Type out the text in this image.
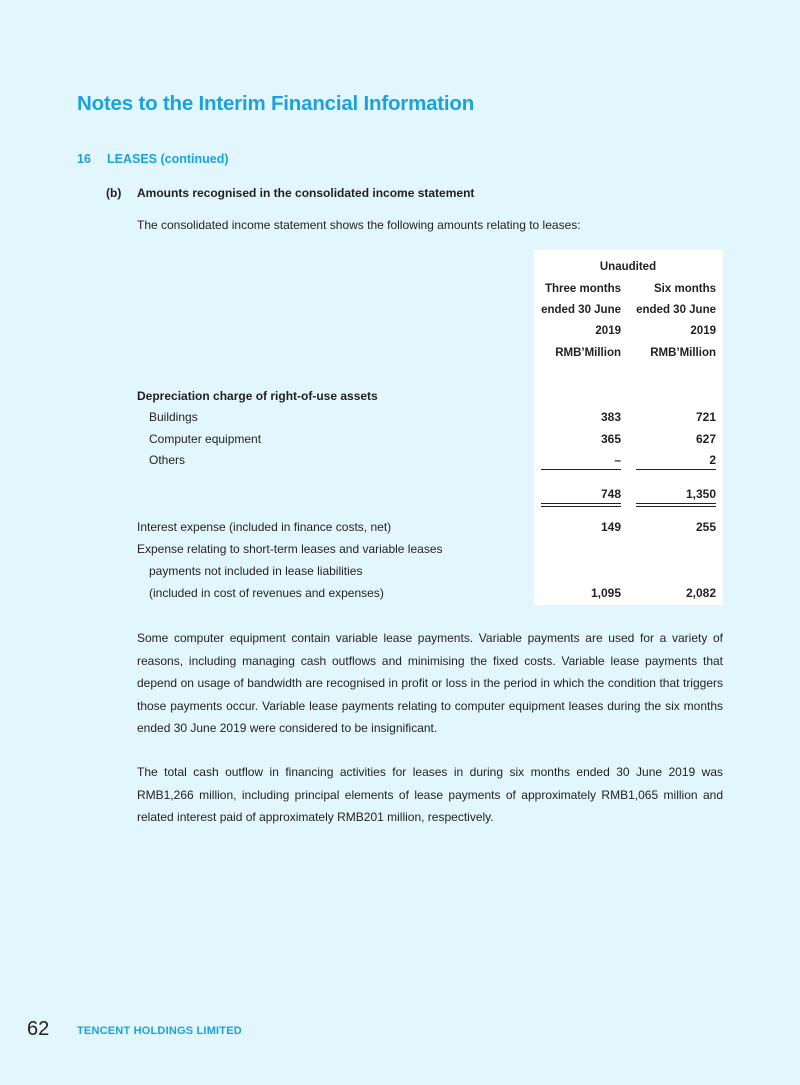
Notes to the Interim Financial Information
16 LEASES (continued)
(b) Amounts recognised in the consolidated income statement
The consolidated income statement shows the following amounts relating to leases:
Unaudited
Three months	Six months
ended 30 June ended 30 June
2019	2019
RMB’Million	RMB’Million
Depreciation charge of right-of-use assets
Buildings	383	721
Computer equipment	365	627
Others	–	2
748	1,350
Interest expense (included in finance costs, net)	149	255
Expense relating to short-term leases and variable leases
payments not included in lease liabilities
(included in cost of revenues and expenses)	1,095	2,082
Some computer equipment contain variable lease payments. Variable payments are used for a variety of reasons, including managing cash outflows and minimising the fixed costs. Variable lease payments that depend on usage of bandwidth are recognised in profit or loss in the period in which the condition that triggers those payments occur. Variable lease payments relating to computer equipment leases during the six months ended 30 June 2019 were considered to be insignificant.
The total cash outflow in financing activities for leases in during six months ended 30 June 2019 was RMB1,266 million, including principal elements of lease payments of approximately RMB1,065 million and related interest paid of approximately RMB201 million, respectively.
62	TENCENT HOLDINGS LIMITED
